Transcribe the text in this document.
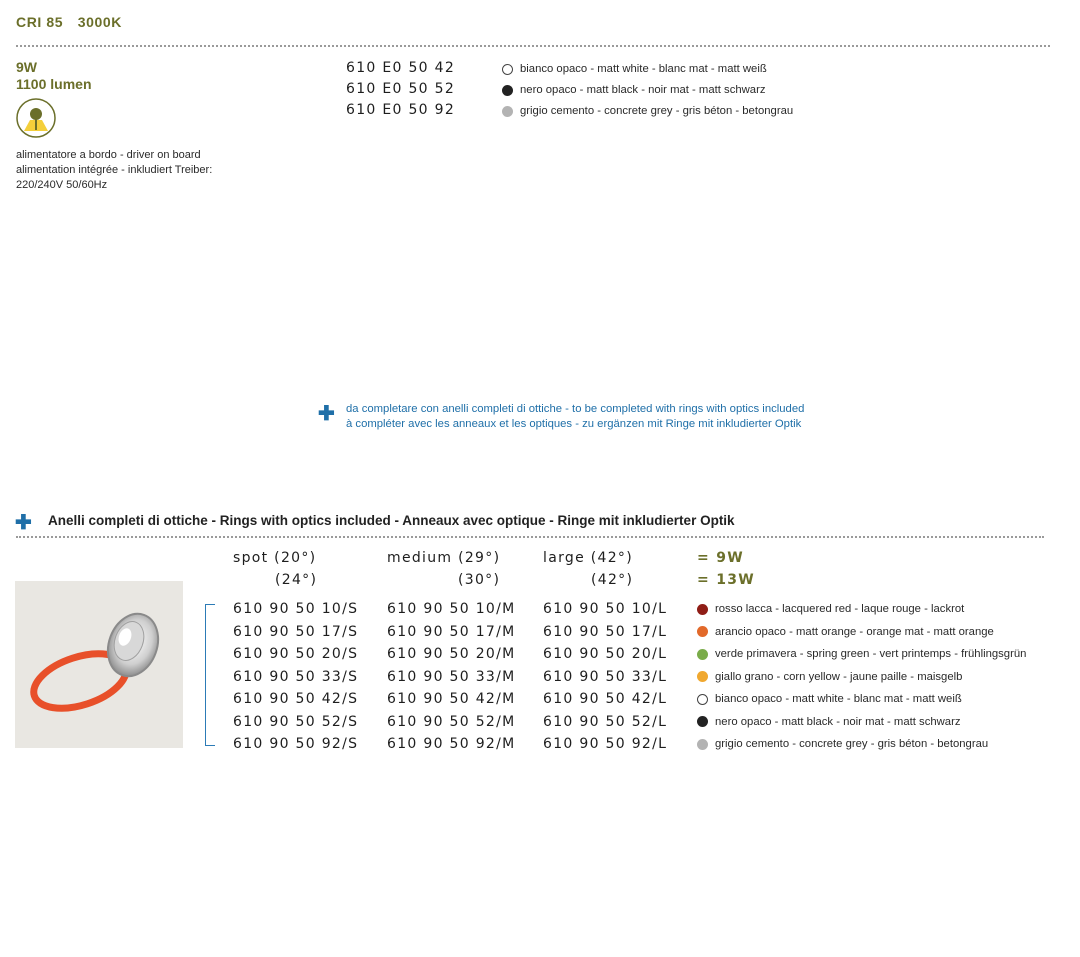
CRI 85 3000K
9W
1100 lumen
alimentatore a bordo - driver on board
alimentation intégrée - inkludiert Treiber:
220/240V 50/60Hz
610 E0 50 42
610 E0 50 52
610 E0 50 92
bianco opaco - matt white - blanc mat - matt weiß
nero opaco - matt black - noir mat - matt schwarz
grigio cemento - concrete grey - gris béton - betongrau
✚ da completare con anelli completi di ottiche - to be completed with rings with optics included
à compléter avec les anneaux et les optiques - zu ergänzen mit Ringe mit inkludierter Optik
✚ Anelli completi di ottiche - Rings with optics included - Anneaux avec optique - Ringe mit inkludierter Optik
spot (20°)
(24°)
medium (29°)
(30°)
large (42°)
(42°)
= 9W
= 13W
610 90 50 10/S
610 90 50 17/S
610 90 50 20/S
610 90 50 33/S
610 90 50 42/S
610 90 50 52/S
610 90 50 92/S
610 90 50 10/M
610 90 50 17/M
610 90 50 20/M
610 90 50 33/M
610 90 50 42/M
610 90 50 52/M
610 90 50 92/M
610 90 50 10/L
610 90 50 17/L
610 90 50 20/L
610 90 50 33/L
610 90 50 42/L
610 90 50 52/L
610 90 50 92/L
rosso lacca - lacquered red - laque rouge - lackrot
arancio opaco - matt orange - orange mat - matt orange
verde primavera - spring green - vert printemps - frühlingsgrün
giallo grano - corn yellow - jaune paille - maisgelb
bianco opaco - matt white - blanc mat - matt weiß
nero opaco - matt black - noir mat - matt schwarz
grigio cemento - concrete grey - gris béton - betongrau
